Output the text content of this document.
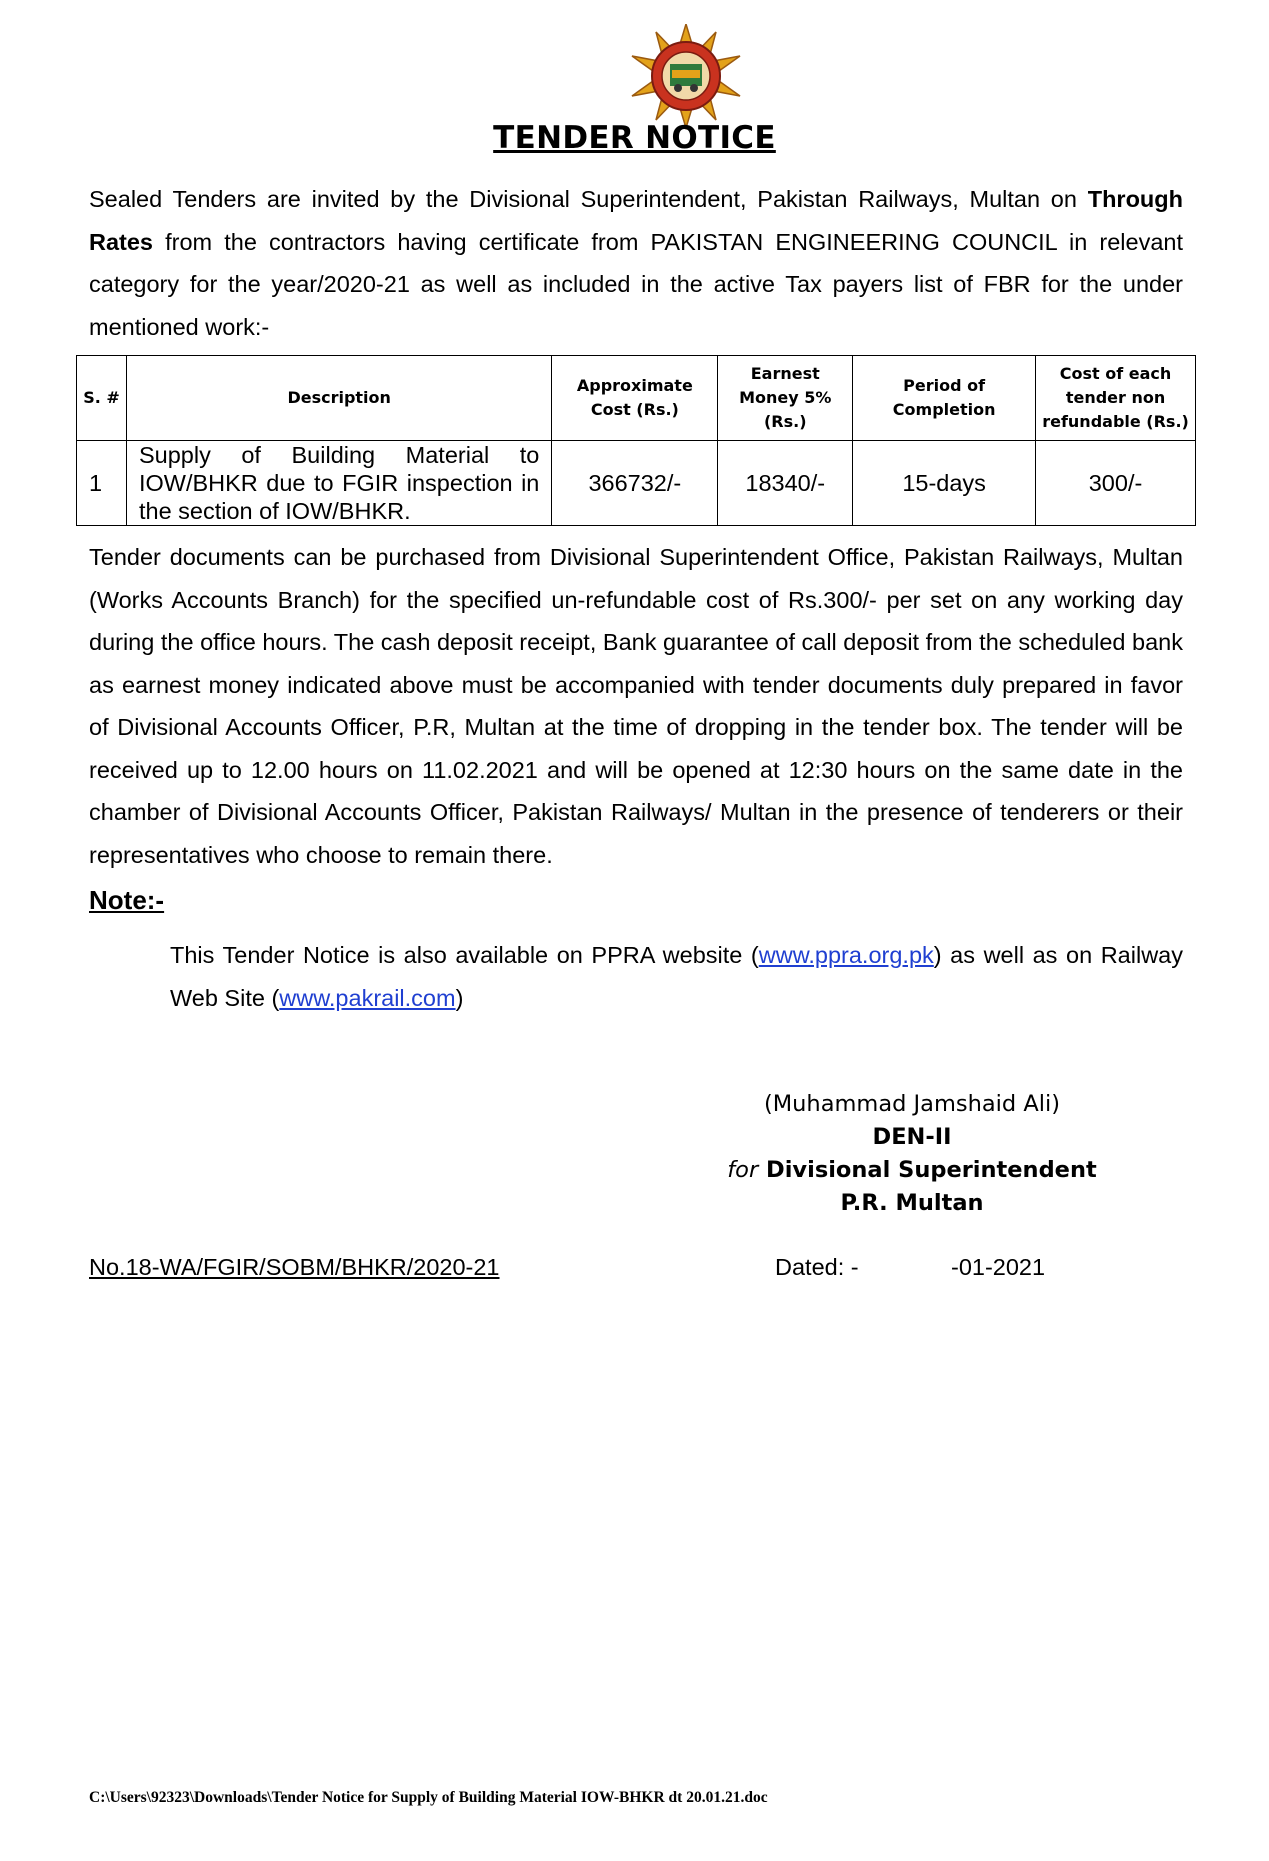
TENDER NOTICE
Sealed Tenders are invited by the Divisional Superintendent, Pakistan Railways, Multan on Through Rates from the contractors having certificate from PAKISTAN ENGINEERING COUNCIL in relevant category for the year/2020-21 as well as included in the active Tax payers list of FBR for the under mentioned work:-
S. #	Description	Approximate Cost (Rs.)	Earnest Money 5% (Rs.)	Period of Completion	Cost of each tender non refundable (Rs.)
1	Supply of Building Material to IOW/BHKR due to FGIR inspection in the section of IOW/BHKR.	366732/-	18340/-	15-days	300/-
Tender documents can be purchased from Divisional Superintendent Office, Pakistan Railways, Multan (Works Accounts Branch) for the specified un-refundable cost of Rs.300/- per set on any working day during the office hours. The cash deposit receipt, Bank guarantee of call deposit from the scheduled bank as earnest money indicated above must be accompanied with tender documents duly prepared in favor of Divisional Accounts Officer, P.R, Multan at the time of dropping in the tender box. The tender will be received up to 12.00 hours on 11.02.2021 and will be opened at 12:30 hours on the same date in the chamber of Divisional Accounts Officer, Pakistan Railways/ Multan in the presence of tenderers or their representatives who choose to remain there.
Note:-
This Tender Notice is also available on PPRA website (www.ppra.org.pk) as well as on Railway Web Site (www.pakrail.com)
(Muhammad Jamshaid Ali)
DEN-II
for Divisional Superintendent
P.R. Multan
No.18-WA/FGIR/SOBM/BHKR/2020-21	Dated: -	-01-2021
C:\Users\92323\Downloads\Tender Notice for Supply of Building Material IOW-BHKR dt 20.01.21.doc
